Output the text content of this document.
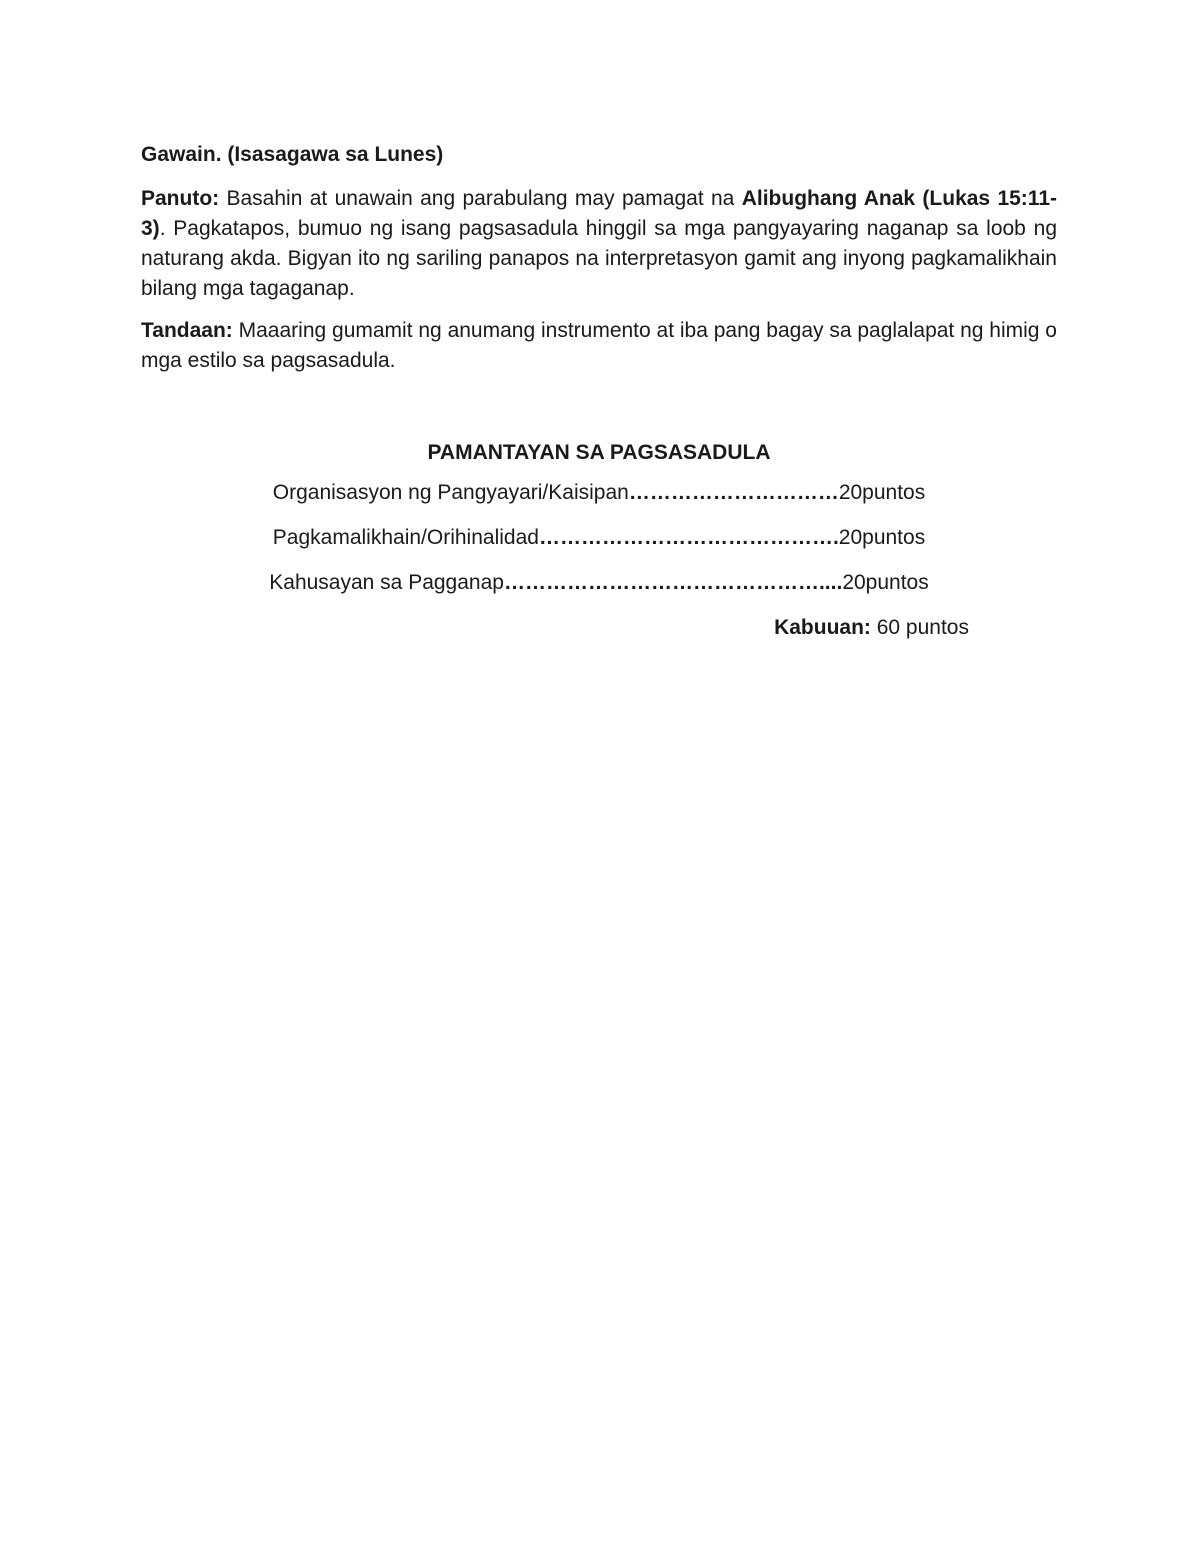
Gawain. (Isasagawa sa Lunes)

Panuto: Basahin at unawain ang parabulang may pamagat na Alibughang Anak (Lukas 15:11-3). Pagkatapos, bumuo ng isang pagsasadula hinggil sa mga pangyayaring naganap sa loob ng naturang akda. Bigyan ito ng sariling panapos na interpretasyon gamit ang inyong pagkamalikhain bilang mga tagaganap.

Tandaan: Maaaring gumamit ng anumang instrumento at iba pang bagay sa paglalapat ng himig o mga estilo sa pagsasadula.

PAMANTAYAN SA PAGSASADULA

Organisasyon ng Pangyayari/Kaisipan…………………………20puntos

Pagkamalikhain/Orihinalidad…………………………………….20puntos

Kahusayan sa Pagganap………………………………………....20puntos

Kabuuan: 60 puntos
